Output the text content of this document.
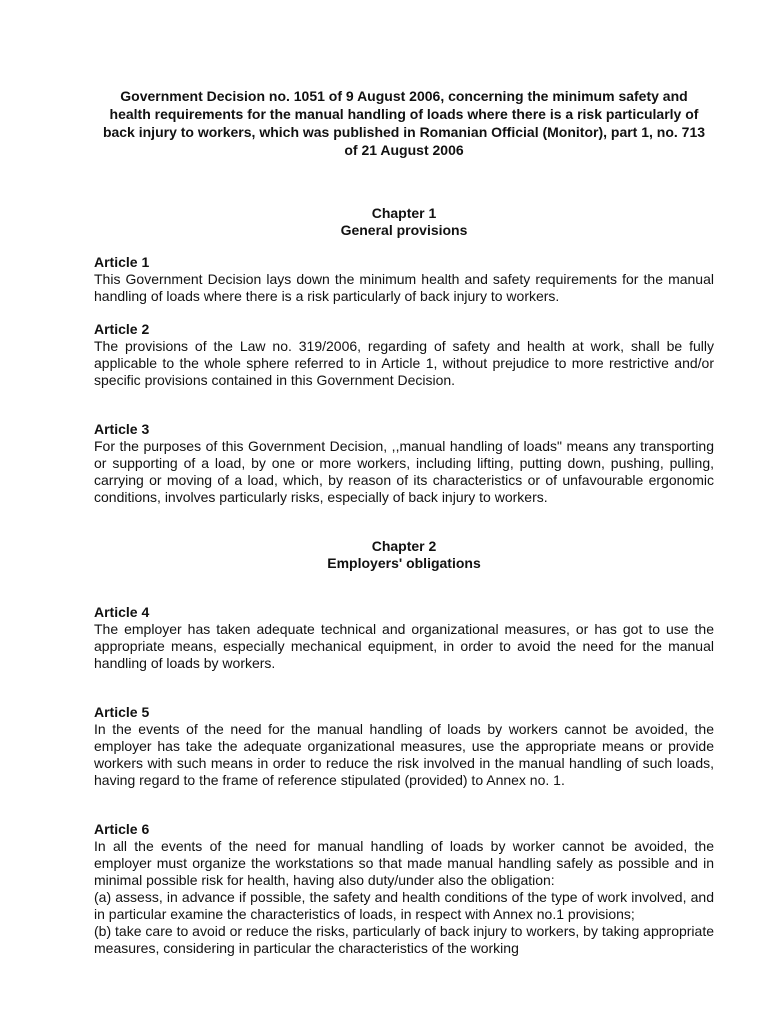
Government Decision no. 1051 of 9 August 2006, concerning the minimum safety and health requirements for the manual handling of loads where there is a risk particularly of back injury to workers, which was published in Romanian Official (Monitor), part 1, no. 713 of 21 August 2006
Chapter 1
General provisions
Article 1
This Government Decision lays down the minimum health and safety requirements for the manual handling of loads where there is a risk particularly of back injury to workers.
Article 2
The provisions of the Law no. 319/2006, regarding of safety and health at work, shall be fully applicable to the whole sphere referred to in Article 1, without prejudice to more restrictive and/or specific provisions contained in this Government Decision.
Article 3
For the purposes of this Government Decision, ,,manual handling of loads" means any transporting or supporting of a load, by one or more workers, including lifting, putting down, pushing, pulling, carrying or moving of a load, which, by reason of its characteristics or of unfavourable ergonomic conditions, involves particularly risks, especially of back injury to workers.
Chapter 2
Employers' obligations
Article 4
The employer has taken adequate technical and organizational measures, or has got to use the appropriate means, especially mechanical equipment, in order to avoid the need for the manual handling of loads by workers.
Article 5
In the events of the need for the manual handling of loads by workers cannot be avoided, the employer has take the adequate organizational measures, use the appropriate means or provide workers with such means in order to reduce the risk involved in the manual handling of such loads, having regard to the frame of reference stipulated (provided) to Annex no. 1.
Article 6

In all the events of the need for manual handling of loads by worker cannot be avoided, the employer must organize the workstations so that made manual handling safely as possible and in minimal possible risk for health, having also duty/under also the obligation:

(a) assess, in advance if possible, the safety and health conditions of the type of work involved, and in particular examine the characteristics of loads, in respect with Annex no.1 provisions;

(b) take care to avoid or reduce the risks, particularly of back injury to workers, by taking appropriate measures, considering in particular the characteristics of the working
